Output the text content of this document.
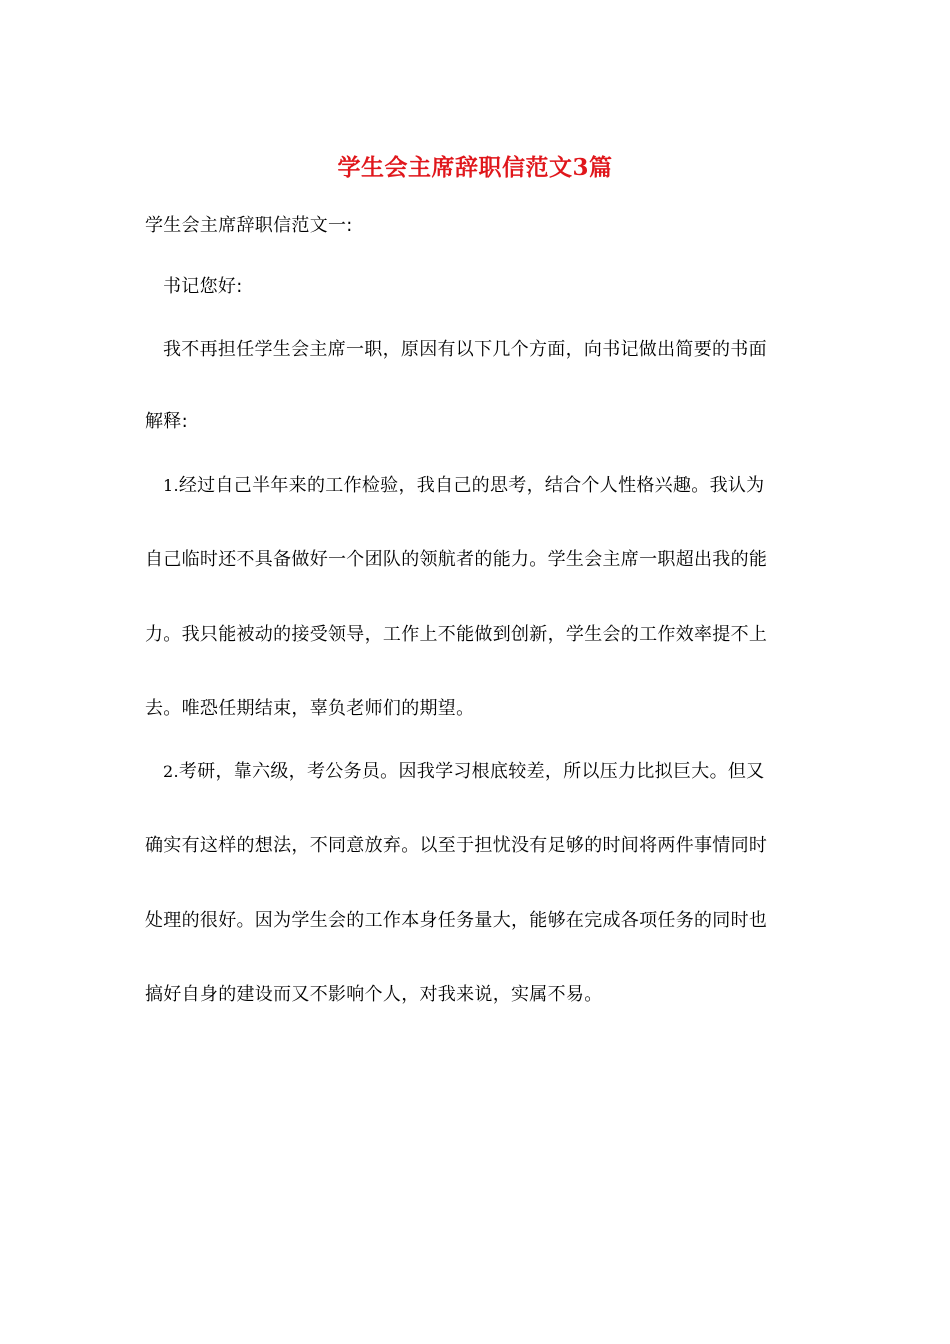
学生会主席辞职信范文3篇
学生会主席辞职信范文一:
书记您好:
我不再担任学生会主席一职，原因有以下几个方面，向书记做出简要的书面
解释:
1.经过自己半年来的工作检验，我自己的思考，结合个人性格兴趣。我认为
自己临时还不具备做好一个团队的领航者的能力。学生会主席一职超出我的能
力。我只能被动的接受领导，工作上不能做到创新，学生会的工作效率提不上
去。唯恐任期结束，辜负老师们的期望。
2.考研，靠六级，考公务员。因我学习根底较差，所以压力比拟巨大。但又
确实有这样的想法，不同意放弃。以至于担忧没有足够的时间将两件事情同时
处理的很好。因为学生会的工作本身任务量大，能够在完成各项任务的同时也
搞好自身的建设而又不影响个人，对我来说，实属不易。
